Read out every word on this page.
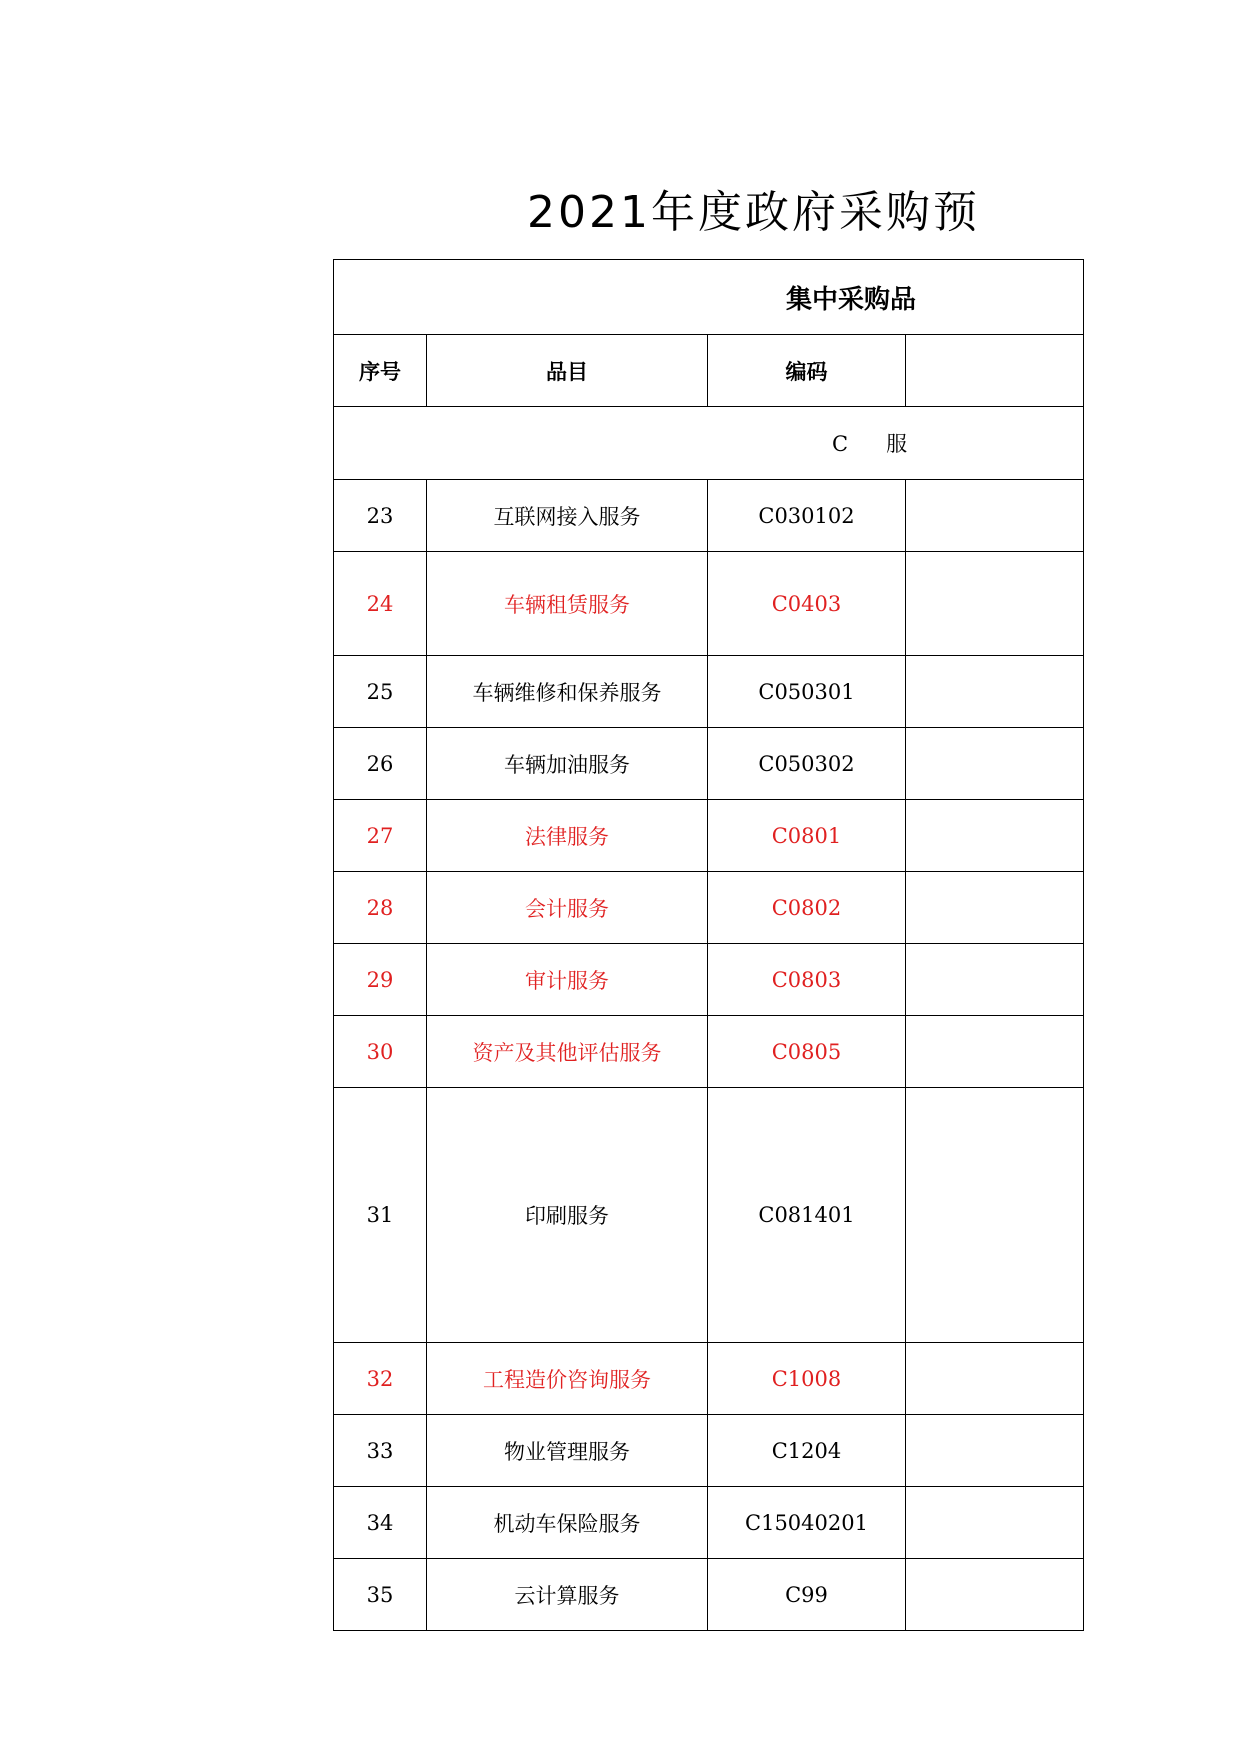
2021年度政府采购预
集中采购品			
序号	品目	编码	
C 服			
23	互联网接入服务	C030102	
24	车辆租赁服务	C0403	
25	车辆维修和保养服务	C050301	
26	车辆加油服务	C050302	
27	法律服务	C0801	
28	会计服务	C0802	
29	审计服务	C0803	
30	资产及其他评估服务	C0805	
31	印刷服务	C081401	
32	工程造价咨询服务	C1008	
33	物业管理服务	C1204	
34	机动车保险服务	C15040201	
35	云计算服务	C99	
